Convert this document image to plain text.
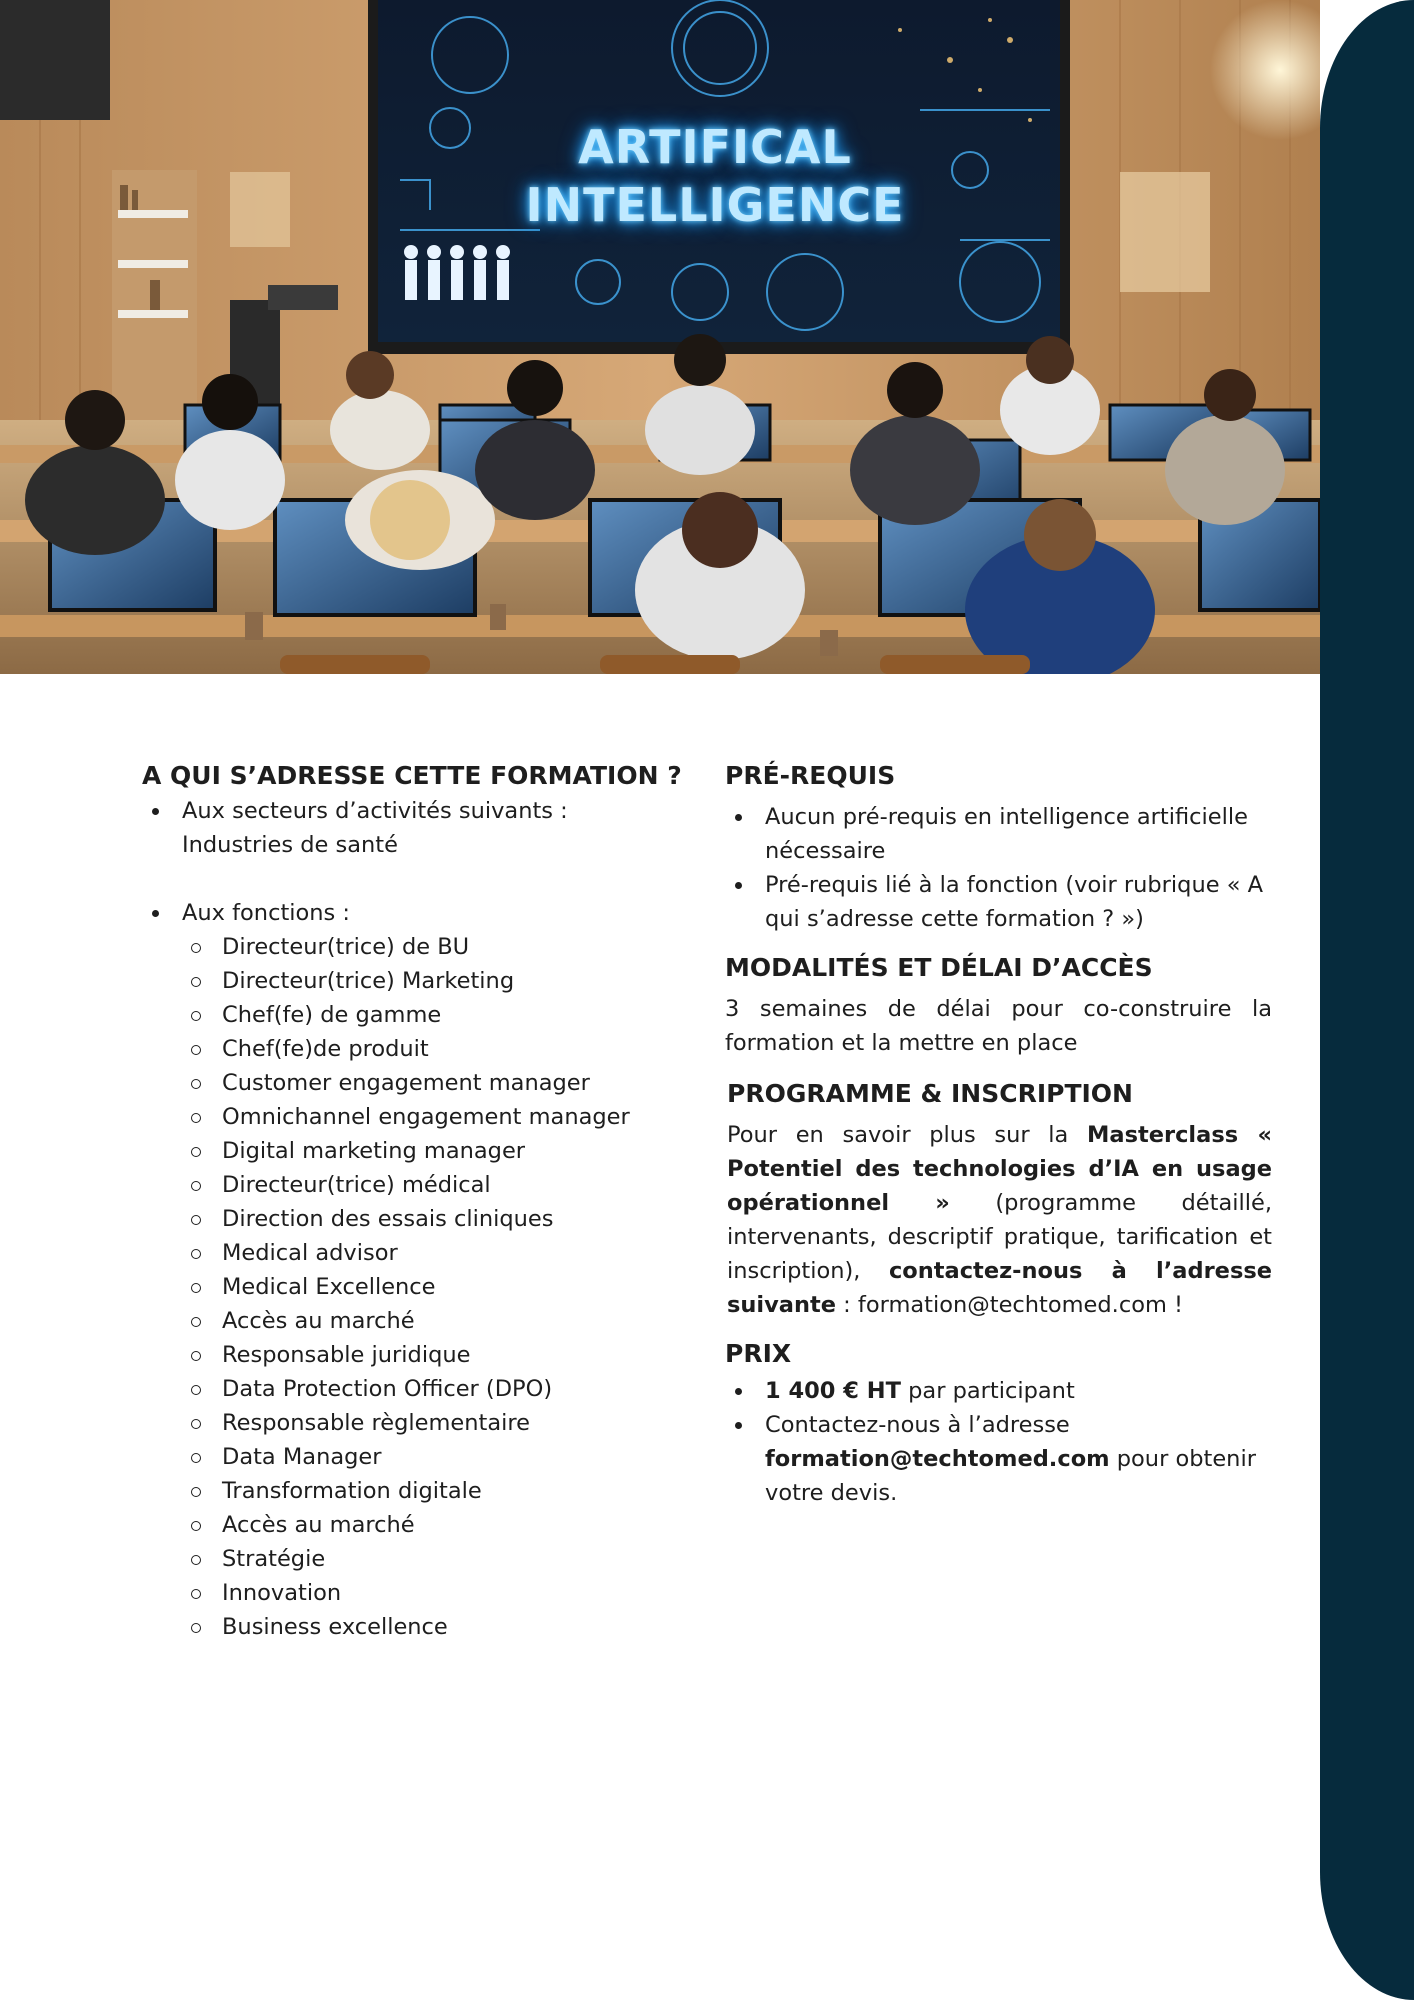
ARTIFICAL
INTELLIGENCE
A QUI S’ADRESSE CETTE FORMATION ?
Aux secteurs d’activités suivants :
Industries de santé
Aux fonctions :
Directeur(trice) de BU
Directeur(trice) Marketing
Chef(fe) de gamme
Chef(fe)de produit
Customer engagement manager
Omnichannel engagement manager
Digital marketing manager
Directeur(trice) médical
Direction des essais cliniques
Medical advisor
Medical Excellence
Accès au marché
Responsable juridique
Data Protection Officer (DPO)
Responsable règlementaire
Data Manager
Transformation digitale
Accès au marché
Stratégie
Innovation
Business excellence
PRÉ-REQUIS
Aucun pré-requis en intelligence artificielle nécessaire
Pré-requis lié à la fonction (voir rubrique « A qui s’adresse cette formation ? »)
MODALITÉS ET DÉLAI D’ACCÈS

3 semaines de délai pour co-construire la formation et la mettre en place

PROGRAMME & INSCRIPTION

Pour en savoir plus sur la Masterclass « Potentiel des technologies d’IA en usage opérationnel » (programme détaillé, intervenants, descriptif pratique, tarification et inscription), contactez-nous à l’adresse suivante : formation@techtomed.com !

PRIX
1 400 € HT par participant
Contactez-nous à l’adresse formation@techtomed.com pour obtenir votre devis.
